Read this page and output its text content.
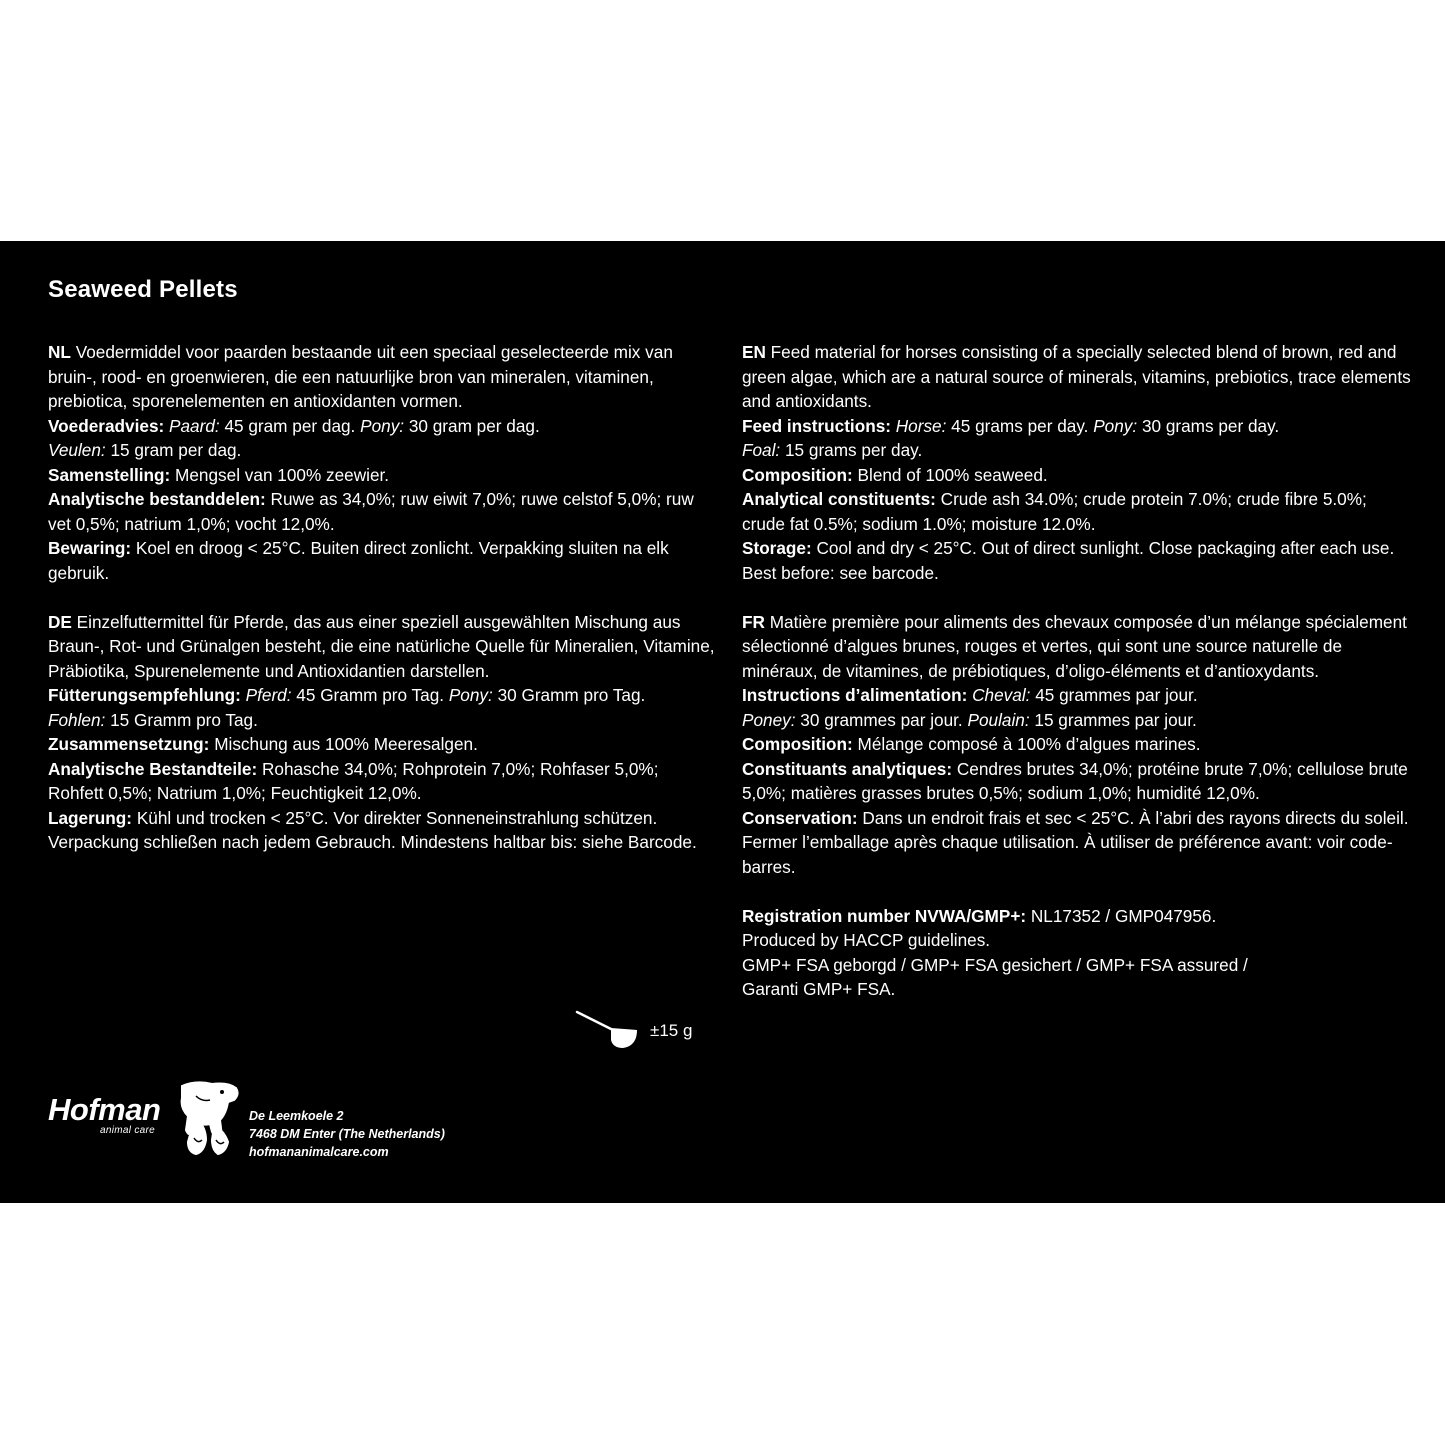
Seaweed Pellets
NL Voedermiddel voor paarden bestaande uit een speciaal geselecteerde mix van bruin-, rood- en groenwieren, die een natuurlijke bron van mineralen, vitaminen, prebiotica, sporenelementen en antioxidanten vormen.
Voederadvies: Paard: 45 gram per dag. Pony: 30 gram per dag.
Veulen: 15 gram per dag.
Samenstelling: Mengsel van 100% zeewier.
Analytische bestanddelen: Ruwe as 34,0%; ruw eiwit 7,0%; ruwe celstof 5,0%; ruw vet 0,5%; natrium 1,0%; vocht 12,0%.
Bewaring: Koel en droog < 25°C. Buiten direct zonlicht. Verpakking sluiten na elk gebruik.
DE Einzelfuttermittel für Pferde, das aus einer speziell ausgewählten Mischung aus Braun-, Rot- und Grünalgen besteht, die eine natürliche Quelle für Mineralien, Vitamine, Präbiotika, Spurenelemente und Antioxidantien darstellen.
Fütterungsempfehlung: Pferd: 45 Gramm pro Tag. Pony: 30 Gramm pro Tag.
Fohlen: 15 Gramm pro Tag.
Zusammensetzung: Mischung aus 100% Meeresalgen.
Analytische Bestandteile: Rohasche 34,0%; Rohprotein 7,0%; Rohfaser 5,0%; Rohfett 0,5%; Natrium 1,0%; Feuchtigkeit 12,0%.
Lagerung: Kühl und trocken < 25°C. Vor direkter Sonneneinstrahlung schützen. Verpackung schließen nach jedem Gebrauch. Mindestens haltbar bis: siehe Barcode.
EN Feed material for horses consisting of a specially selected blend of brown, red and green algae, which are a natural source of minerals, vitamins, prebiotics, trace elements and antioxidants.
Feed instructions: Horse: 45 grams per day. Pony: 30 grams per day.
Foal: 15 grams per day.
Composition: Blend of 100% seaweed.
Analytical constituents: Crude ash 34.0%; crude protein 7.0%; crude fibre 5.0%; crude fat 0.5%; sodium 1.0%; moisture 12.0%.
Storage: Cool and dry < 25°C. Out of direct sunlight. Close packaging after each use. Best before: see barcode.
FR Matière première pour aliments des chevaux composée d’un mélange spécialement sélectionné d’algues brunes, rouges et vertes, qui sont une source naturelle de minéraux, de vitamines, de prébiotiques, d’oligo-éléments et d’antioxydants.
Instructions d’alimentation: Cheval: 45 grammes par jour.
Poney: 30 grammes par jour. Poulain: 15 grammes par jour.
Composition: Mélange composé à 100% d’algues marines.
Constituants analytiques: Cendres brutes 34,0%; protéine brute 7,0%; cellulose brute 5,0%; matières grasses brutes 0,5%; sodium 1,0%; humidité 12,0%.
Conservation: Dans un endroit frais et sec < 25°C. À l’abri des rayons directs du soleil. Fermer l’emballage après chaque utilisation. À utiliser de préférence avant: voir code-barres.
Registration number NVWA/GMP+: NL17352 / GMP047956.
Produced by HACCP guidelines.
GMP+ FSA geborgd / GMP+ FSA gesichert / GMP+ FSA assured /
Garanti GMP+ FSA.
±15 g
Hofman
animal care
De Leemkoele 2
7468 DM Enter (The Netherlands)
hofmananimalcare.com
